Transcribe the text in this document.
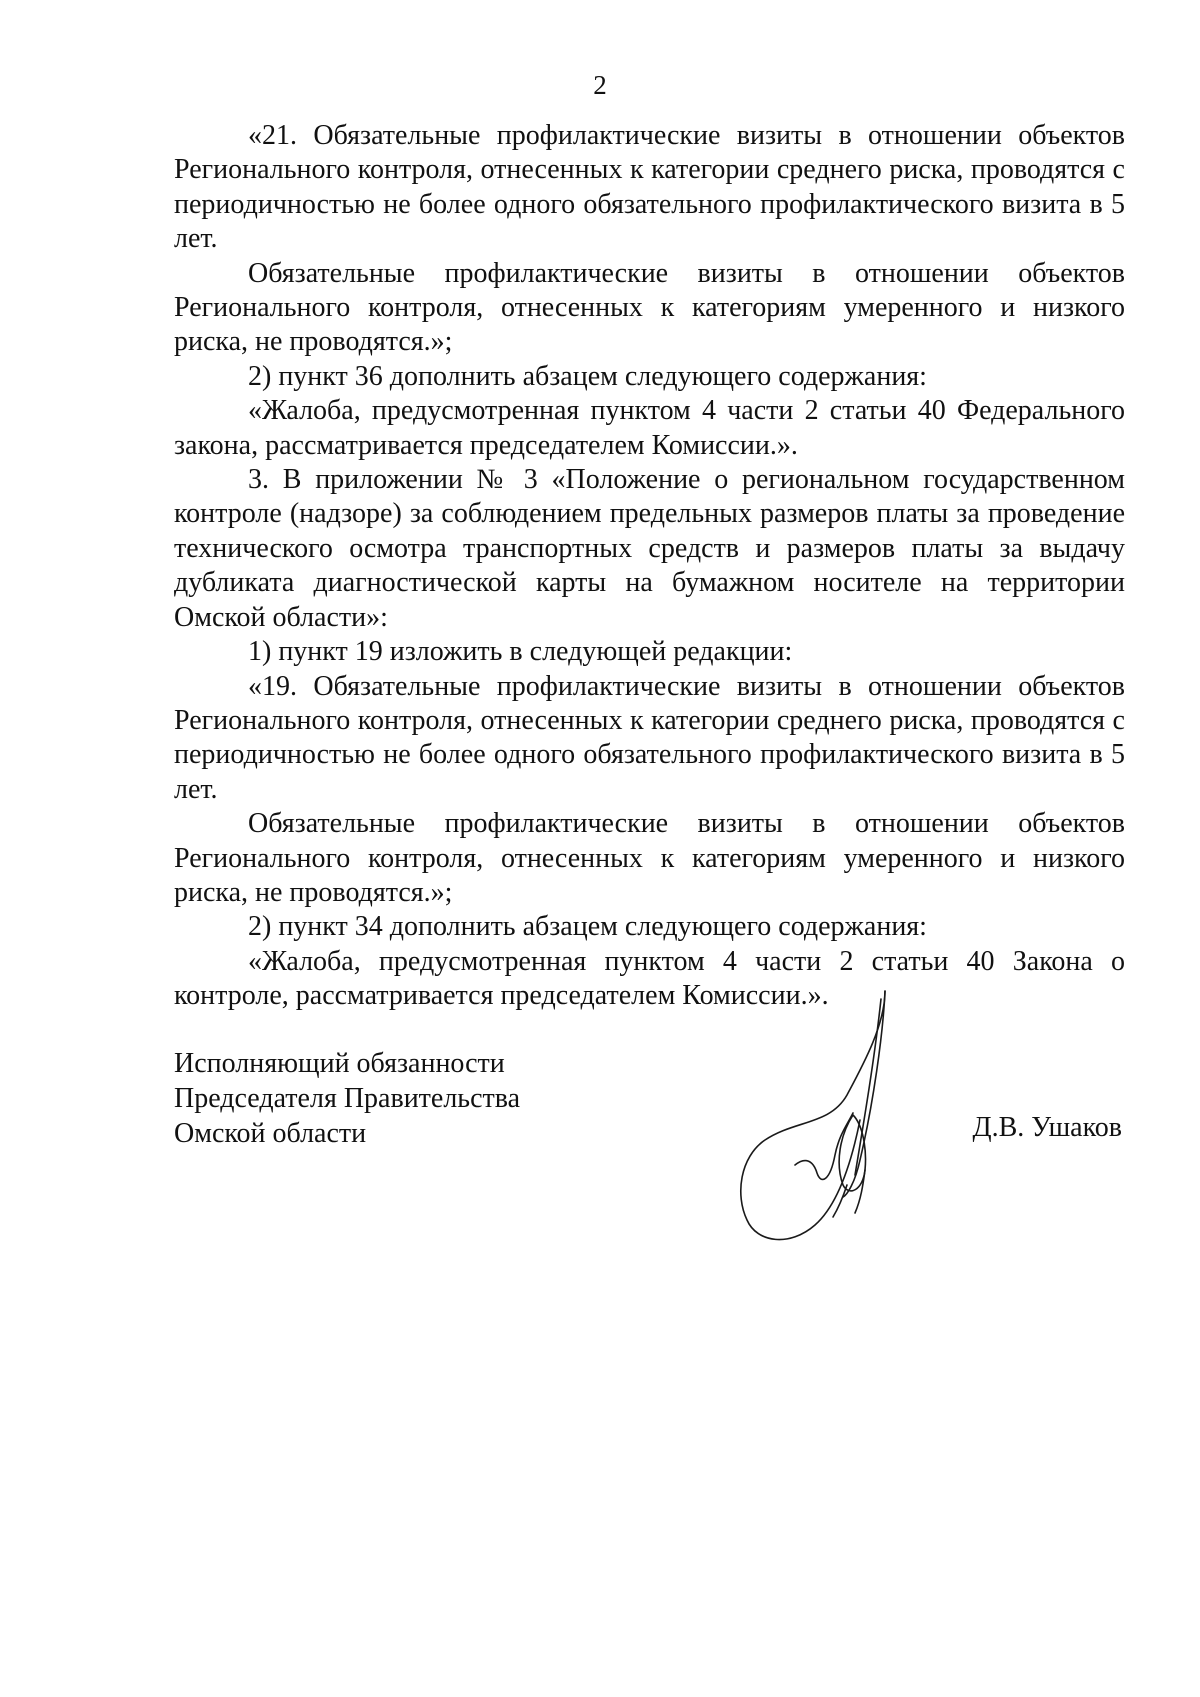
2

«21. Обязательные профилактические визиты в отношении объектов Регионального контроля, отнесенных к категории среднего риска, проводятся с периодичностью не более одного обязательного профилактического визита в 5 лет.

Обязательные профилактические визиты в отношении объектов Регионального контроля, отнесенных к категориям умеренного и низкого риска, не проводятся.»;

2) пункт 36 дополнить абзацем следующего содержания:

«Жалоба, предусмотренная пунктом 4 части 2 статьи 40 Федерального закона, рассматривается председателем Комиссии.».

3. В приложении № 3 «Положение о региональном государственном контроле (надзоре) за соблюдением предельных размеров платы за проведение технического осмотра транспортных средств и размеров платы за выдачу дубликата диагностической карты на бумажном носителе на территории Омской области»:

1) пункт 19 изложить в следующей редакции:

«19. Обязательные профилактические визиты в отношении объектов Регионального контроля, отнесенных к категории среднего риска, проводятся с периодичностью не более одного обязательного профилактического визита в 5 лет.

Обязательные профилактические визиты в отношении объектов Регионального контроля, отнесенных к категориям умеренного и низкого риска, не проводятся.»;

2) пункт 34 дополнить абзацем следующего содержания:

«Жалоба, предусмотренная пунктом 4 части 2 статьи 40 Закона о контроле, рассматривается председателем Комиссии.».

Исполняющий обязанности
Председателя Правительства
Омской области	Д.В. Ушаков
